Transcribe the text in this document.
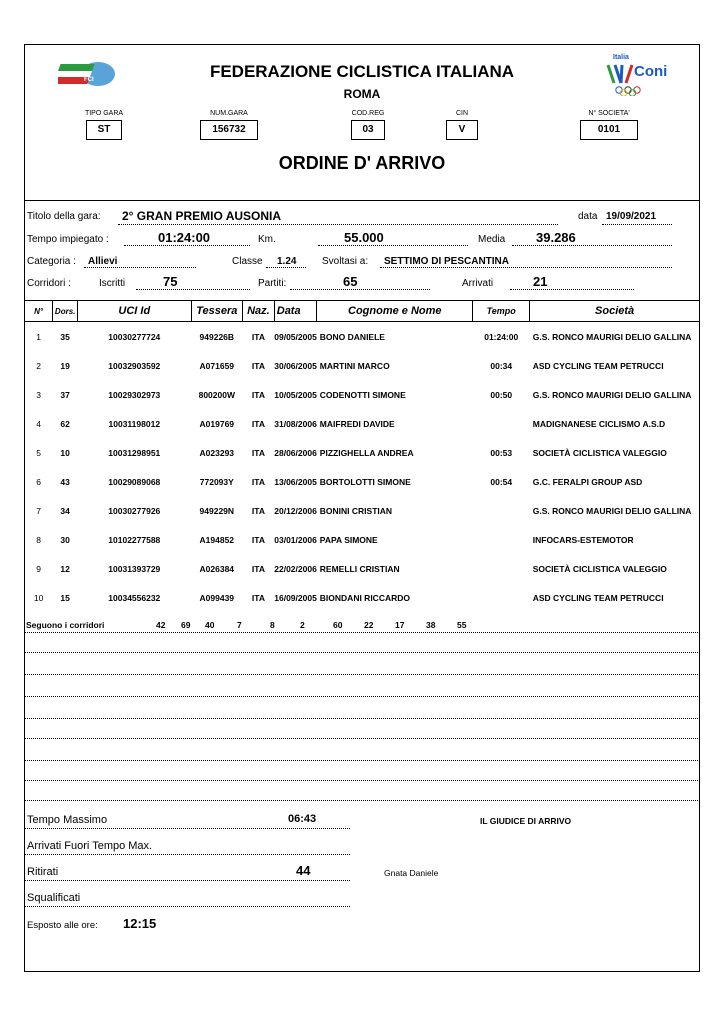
FCI
Italia
Coni
FEDERAZIONE CICLISTICA ITALIANA
ROMA
TIPO GARA
ST
NUM.GARA
156732
COD.REG
03
CIN
V
N° SOCIETA'
0101
ORDINE D' ARRIVO
Titolo della gara: 2° GRAN PREMIO AUSONIA	data 19/09/2021
Tempo impiegato :	01:24:00	Km.	55.000	Media 39.286
Categoria : Allievi	Classe 1.24	Svoltasi a: SETTIMO DI PESCANTINA
Corridori :	Iscritti	75	Partiti:	65	Arrivati	21
N°	Dors.	UCI Id	Tessera	Naz.	Data	Cognome e Nome	Tempo	Società
1	35	10030277724	949226B	ITA	09/05/2005	BONO DANIELE	01:24:00	G.S. RONCO MAURIGI DELIO GALLINA
2	19	10032903592	A071659	ITA	30/06/2005	MARTINI MARCO	00:34	ASD CYCLING TEAM PETRUCCI
3	37	10029302973	800200W	ITA	10/05/2005	CODENOTTI SIMONE	00:50	G.S. RONCO MAURIGI DELIO GALLINA
4	62	10031198012	A019769	ITA	31/08/2006	MAIFREDI DAVIDE		MADIGNANESE CICLISMO A.S.D
5	10	10031298951	A023293	ITA	28/06/2006	PIZZIGHELLA ANDREA	00:53	SOCIETÀ CICLISTICA VALEGGIO
6	43	10029089068	772093Y	ITA	13/06/2005	BORTOLOTTI SIMONE	00:54	G.C. FERALPI GROUP ASD
7	34	10030277926	949229N	ITA	20/12/2006	BONINI CRISTIAN		G.S. RONCO MAURIGI DELIO GALLINA
8	30	10102277588	A194852	ITA	03/01/2006	PAPA SIMONE		INFOCARS-ESTEMOTOR
9	12	10031393729	A026384	ITA	22/02/2006	REMELLI CRISTIAN		SOCIETÀ CICLISTICA VALEGGIO
10	15	10034556232	A099439	ITA	16/09/2005	BIONDANI RICCARDO		ASD CYCLING TEAM PETRUCCI
Seguono i corridori	42 69 40	7	8	2	60	22	17	38	55
Tempo Massimo	06:43
Arrivati Fuori Tempo Max.
Ritirati	44
Squalificati
Esposto alle ore: 12:15
IL GIUDICE DI ARRIVO
Gnata Daniele
